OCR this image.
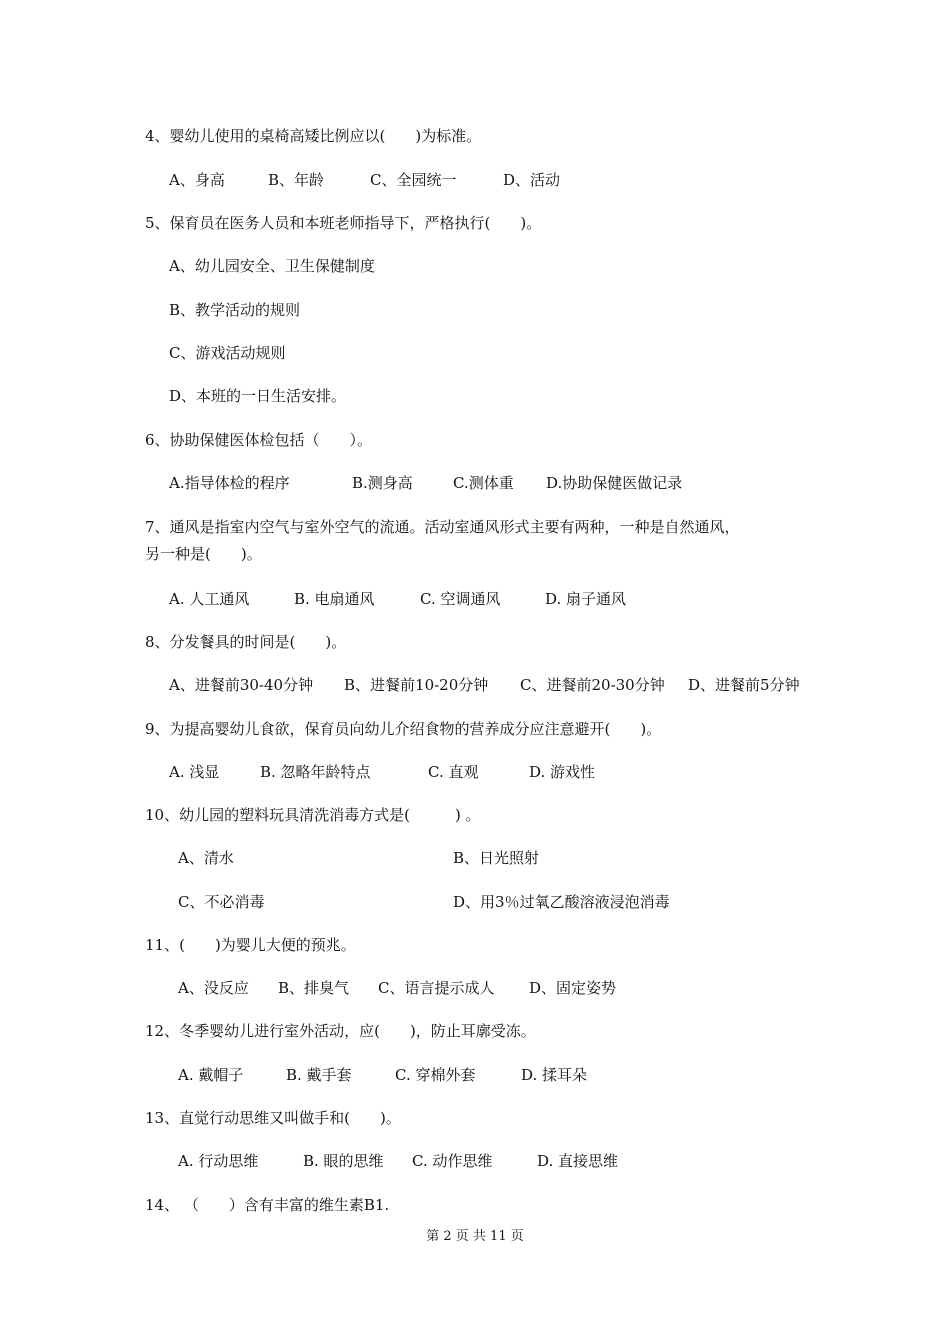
4、婴幼儿使用的桌椅高矮比例应以(　　)为标准。
A、身高	B、年龄	C、全园统一	D、活动
5、保育员在医务人员和本班老师指导下，严格执行(　　)。
A、幼儿园安全、卫生保健制度
B、教学活动的规则
C、游戏活动规则
D、本班的一日生活安排。
6、协助保健医体检包括（　　）。
A.指导体检的程序	B.测身高	C.测体重 D.协助保健医做记录
7、通风是指室内空气与室外空气的流通。活动室通风形式主要有两种，一种是自然通风，
另一种是(　　)。
A. 人工通风	B. 电扇通风	C. 空调通风	D. 扇子通风
8、分发餐具的时间是(　　)。
A、进餐前30-40分钟 B、进餐前10-20分钟 C、进餐前20-30分钟 D、进餐前5分钟
9、为提高婴幼儿食欲，保育员向幼儿介绍食物的营养成分应注意避开(　　)。
A. 浅显	B. 忽略年龄特点	C. 直观	D. 游戏性
10、幼儿园的塑料玩具清洗消毒方式是(　　　) 。
A、清水	B、日光照射
C、不必消毒	D、用3％过氧乙酸溶液浸泡消毒
11、(　　)为婴儿大便的预兆。
A、没反应 B、排臭气 C、语言提示成人 D、固定姿势
12、冬季婴幼儿进行室外活动，应(　　)，防止耳廓受冻。
A. 戴帽子	B. 戴手套	C. 穿棉外套	D. 揉耳朵
13、直觉行动思维又叫做手和(　　)。
A. 行动思维	B. 眼的思维 C. 动作思维	D. 直接思维
14、 （　　）含有丰富的维生素B1.
第 2 页 共 11 页
